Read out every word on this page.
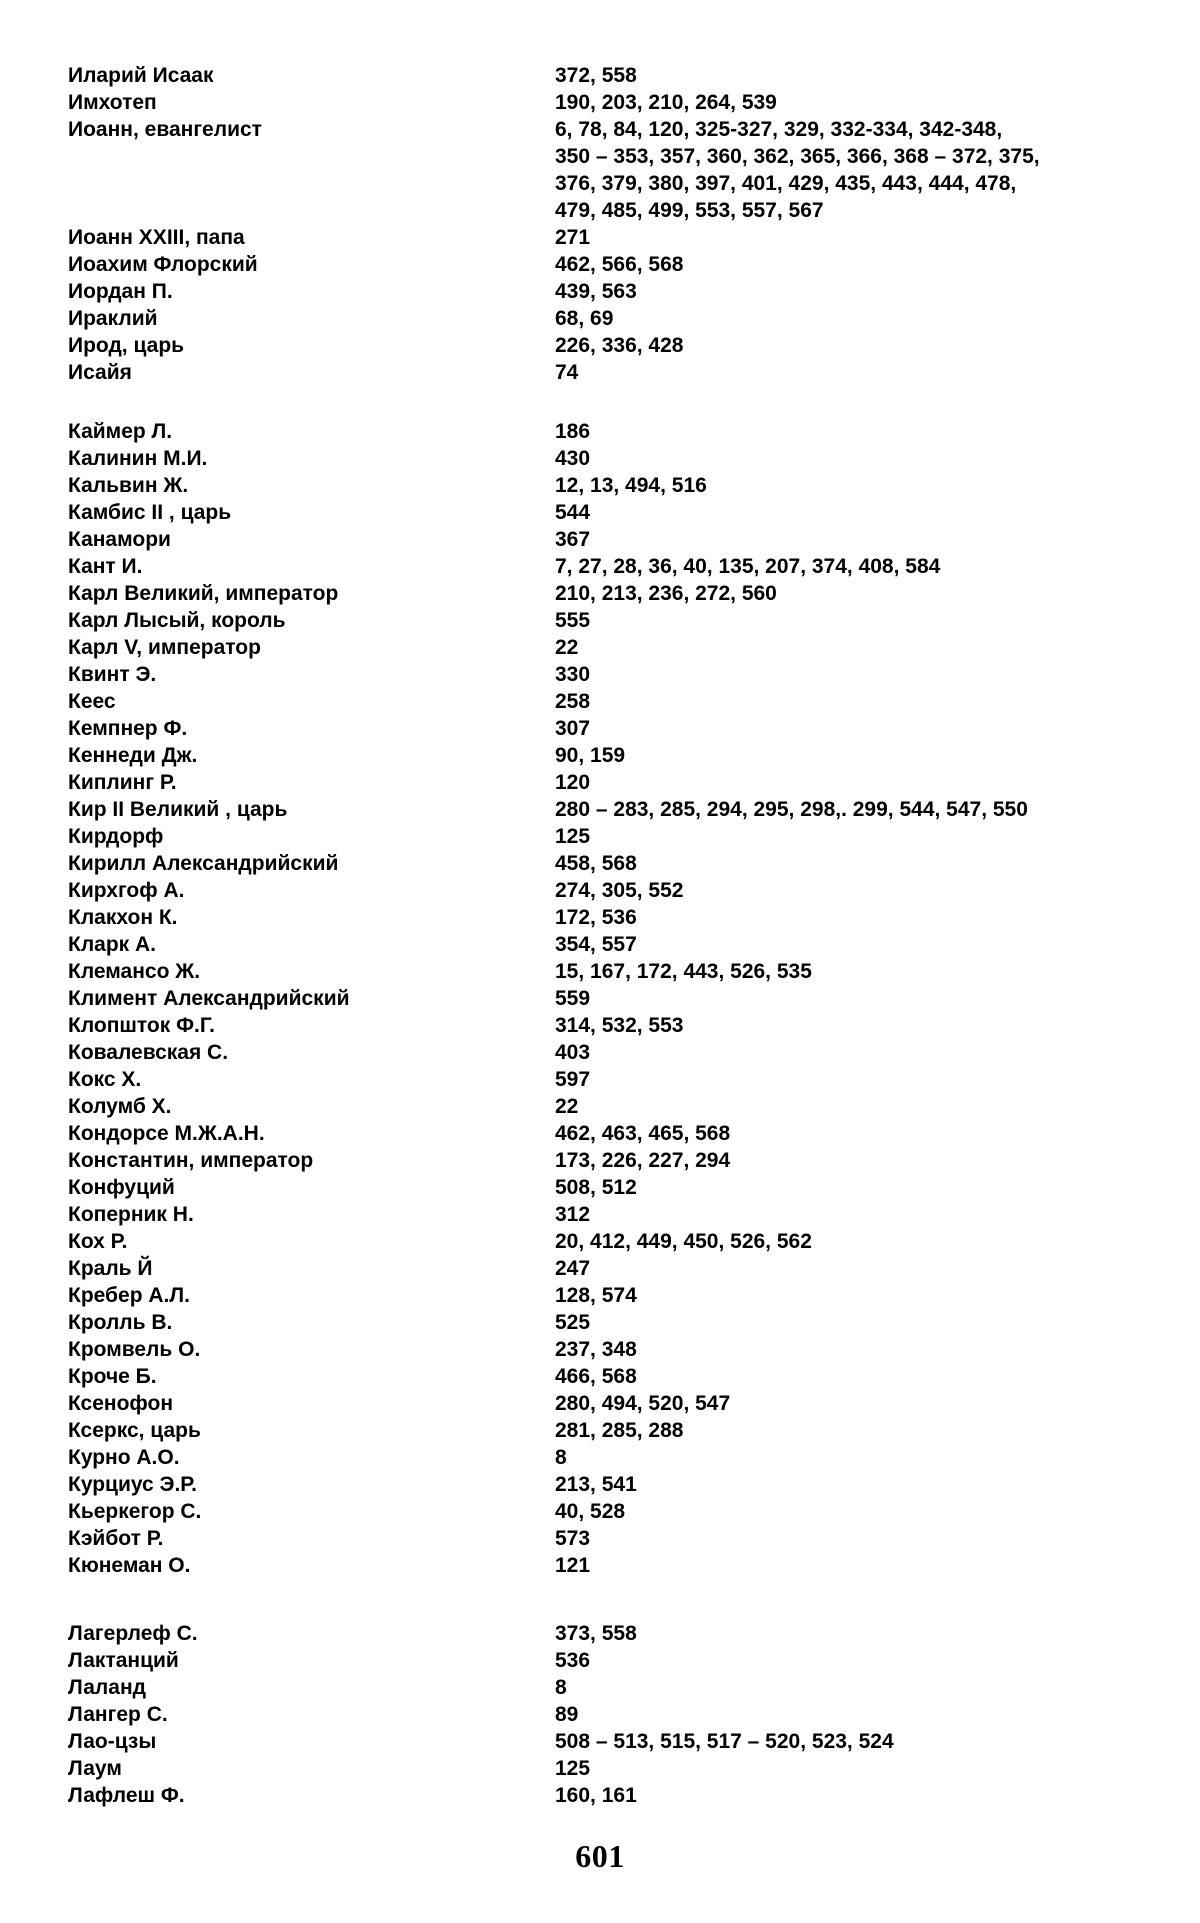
Иларий Исаак	372, 558
Имхотеп	190, 203, 210, 264, 539
Иоанн, евангелист	6, 78, 84, 120, 325-327, 329, 332-334, 342-348,
350 – 353, 357, 360, 362, 365, 366, 368 – 372, 375,
376, 379, 380, 397, 401, 429, 435, 443, 444, 478,
479, 485, 499, 553, 557, 567
Иоанн XXIII, папа	271
Иоахим Флорский	462, 566, 568
Иордан П.	439, 563
Ираклий	68, 69
Ирод, царь	226, 336, 428
Исайя	74
Каймер Л.	186
Калинин М.И.	430
Кальвин Ж.	12, 13, 494, 516
Камбис II , царь	544
Канамори	367
Кант И.	7, 27, 28, 36, 40, 135, 207, 374, 408, 584
Карл Великий, император	210, 213, 236, 272, 560
Карл Лысый, король	555
Карл V, император	22
Квинт Э.	330
Кеес	258
Кемпнер Ф.	307
Кеннеди Дж.	90, 159
Киплинг Р.	120
Кир II Великий , царь	280 – 283, 285, 294, 295, 298,. 299, 544, 547, 550
Кирдорф	125
Кирилл Александрийский	458, 568
Кирхгоф А.	274, 305, 552
Клакхон К.	172, 536
Кларк А.	354, 557
Клемансо Ж.	15, 167, 172, 443, 526, 535
Климент Александрийский	559
Клопшток Ф.Г.	314, 532, 553
Ковалевская С.	403
Кокс Х.	597
Колумб Х.	22
Кондорсе М.Ж.А.Н.	462, 463, 465, 568
Константин, император	173, 226, 227, 294
Конфуций	508, 512
Коперник Н.	312
Кох Р.	20, 412, 449, 450, 526, 562
Краль Й	247
Кребер А.Л.	128, 574
Кролль В.	525
Кромвель О.	237, 348
Кроче Б.	466, 568
Ксенофон	280, 494, 520, 547
Ксеркс, царь	281, 285, 288
Курно А.О.	8
Курциус Э.Р.	213, 541
Кьеркегор С.	40, 528
Кэйбот Р.	573
Кюнеман О.	121
Лагерлеф С.	373, 558
Лактанций	536
Лаланд	8
Лангер С.	89
Лао-цзы	508 – 513, 515, 517 – 520, 523, 524
Лаум	125
Лафлеш Ф.	160, 161
601
